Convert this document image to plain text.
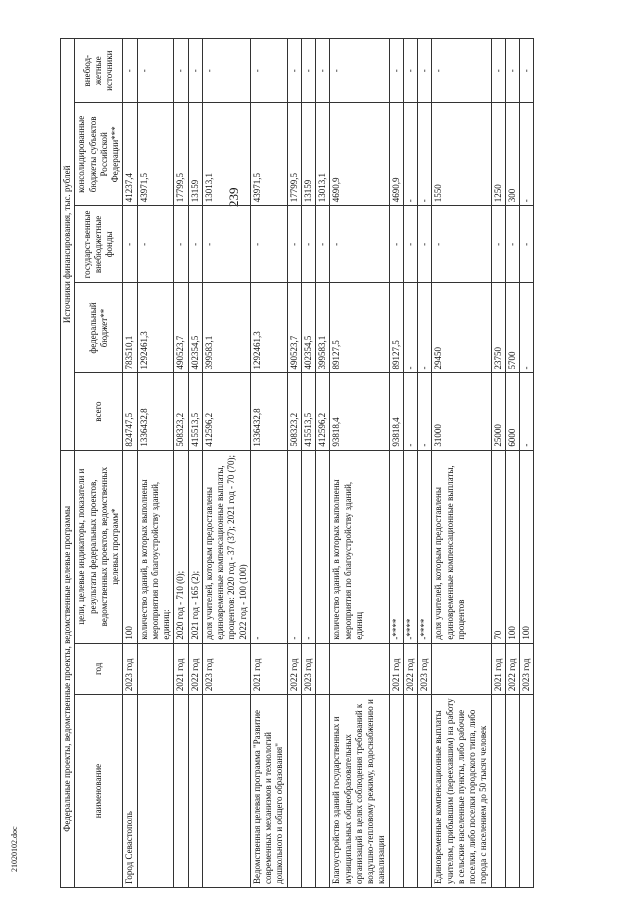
239
21020102.doc
Федеральные проекты, ведомственные проекты, ведомственные целевые программы			Источники финансирования, тыс. рублей				
наименование	год	цели, целевые индикаторы, показатели и результаты федеральных проектов, ведомственных проектов, ведомственных целевых программ*	всего	федеральный бюджет**	государст-венные внебюджетные фонды	консолидированные бюджеты субъектов Российской Федерации***	внебюд-жетные источники
Город Севастополь	2023 год	100	824747,5	783510,1	-	41237,4	-
		количество зданий, в которых выполнены мероприятия по благоустройству зданий, единиц:	1336432,8	1292461,3	-	43971,5	-
	2021 год	2020 год - 710 (0);	508323,2	490523,7	-	17799,5	-
	2022 год	2021 год - 165 (2);	415513,5	402354,5	-	13159	-
	2023 год	доля учителей, которым предоставлены единовременные компенсационные выплаты, процентов: 2020 год - 37 (37); 2021 год - 70 (70); 2022 год - 100 (100)	412596,2	399583,1	-	13013,1	-
Ведомственная целевая программа "Развитие современных механизмов и технологий дошкольного и общего образования"	2021 год	-	1336432,8	1292461,3	-	43971,5	-
	2022 год	-	508323,2	490523,7	-	17799,5	-
	2023 год	-	415513,5	402354,5	-	13159	-
			412596,2	399583,1	-	13013,1	-
Благоустройство зданий государственных и муниципальных общеобразовательных организаций в целях соблюдения требований к воздушно-тепловому режиму, водоснабжению и канализации		количество зданий, в которых выполнены мероприятия по благоустройству зданий, единиц	93818,4	89127,5	-	4690,9	-
	2021 год	-****	93818,4	89127,5	-	4690,9	-
	2022 год	-****	-	-	-	-	-
	2023 год	-****	-	-	-	-	-
Единовременные компенсационные выплаты учителям, прибывшим (переехавшим) на работу в сельские населенные пункты, либо рабочие поселки, либо поселки городского типа, либо города с населением до 50 тысяч человек		доля учителей, которым предоставлены единовременные компенсационные выплаты, процентов	31000	29450	-	1550	-
	2021 год	70	25000	23750	-	1250	-
	2022 год	100	6000	5700	-	300	-
	2023 год	100	-	-	-	-	-
